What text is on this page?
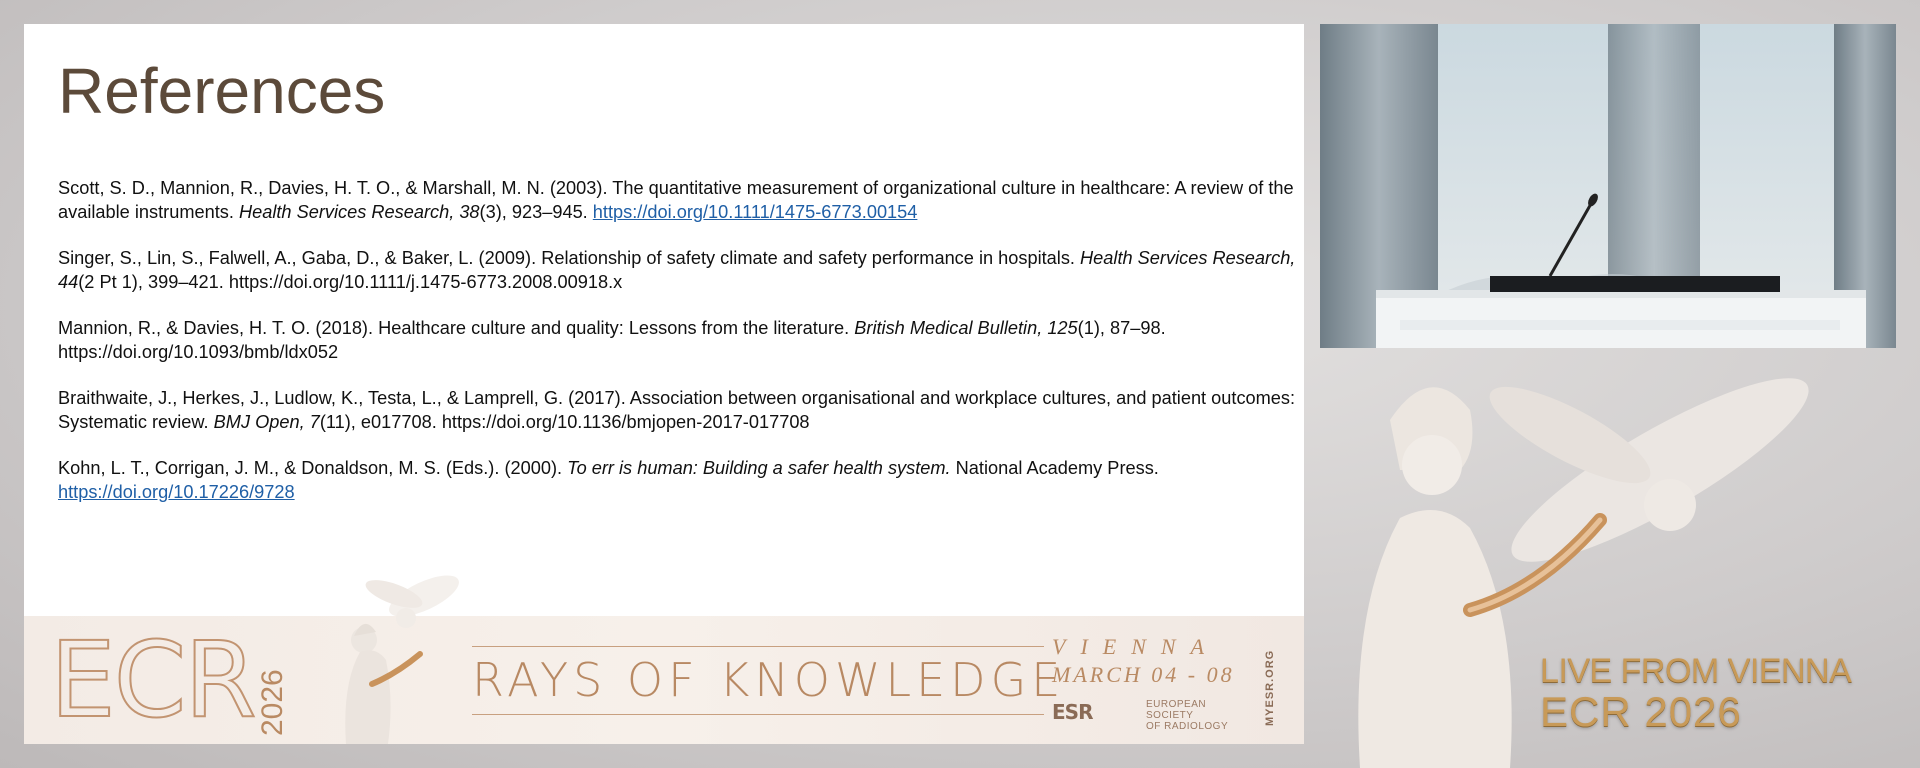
References

Scott, S. D., Mannion, R., Davies, H. T. O., & Marshall, M. N. (2003). The quantitative measurement of organizational culture in healthcare: A review of the available instruments. Health Services Research, 38(3), 923–945. https://doi.org/10.1111/1475-6773.00154

Singer, S., Lin, S., Falwell, A., Gaba, D., & Baker, L. (2009). Relationship of safety climate and safety performance in hospitals. Health Services Research, 44(2 Pt 1), 399–421. https://doi.org/10.1111/j.1475-6773.2008.00918.x

Mannion, R., & Davies, H. T. O. (2018). Healthcare culture and quality: Lessons from the literature. British Medical Bulletin, 125(1), 87–98. https://doi.org/10.1093/bmb/ldx052

Braithwaite, J., Herkes, J., Ludlow, K., Testa, L., & Lamprell, G. (2017). Association between organisational and workplace cultures, and patient outcomes: Systematic review. BMJ Open, 7(11), e017708. https://doi.org/10.1136/bmjopen-2017-017708

Kohn, L. T., Corrigan, J. M., & Donaldson, M. S. (Eds.). (2000). To err is human: Building a safer health system. National Academy Press.
https://doi.org/10.17226/9728

ECR 2026	RAYS OF KNOWLEDGE
VIENNA
MARCH 04 - 08
ESR	EUROPEAN SOCIETY
OF RADIOLOGY
MYESR.ORG	LIVE FROM VIENNA
ECR 2026
